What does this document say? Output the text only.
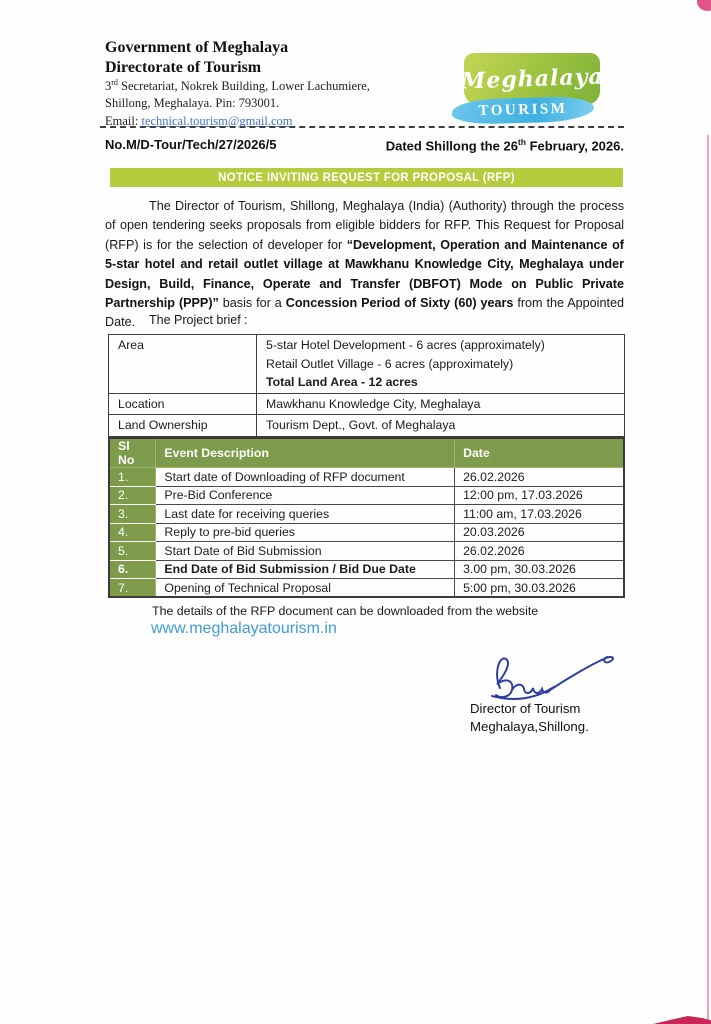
Government of Meghalaya
Directorate of Tourism
3rd Secretariat, Nokrek Building, Lower Lachumiere,
Shillong, Meghalaya. Pin: 793001.
Email: technical.tourism@gmail.com
Meghalaya
TOURISM
No.M/D-Tour/Tech/27/2026/5	Dated Shillong the 26th February, 2026.
NOTICE INVITING REQUEST FOR PROPOSAL (RFP)

The Director of Tourism, Shillong, Meghalaya (India) (Authority) through the process of open tendering seeks proposals from eligible bidders for RFP. This Request for Proposal (RFP) is for the selection of developer for “Development, Operation and Maintenance of 5-star hotel and retail outlet village at Mawkhanu Knowledge City, Meghalaya under Design, Build, Finance, Operate and Transfer (DBFOT) Mode on Public Private Partnership (PPP)” basis for a Concession Period of Sixty (60) years from the Appointed Date.	The Project brief :
Area	5-star Hotel Development - 6 acres (approximately)
Retail Outlet Village - 6 acres (approximately)
Total Land Area - 12 acres

Location	Mawkhanu Knowledge City, Meghalaya
Land Ownership	Tourism Dept., Govt. of Meghalaya
Sl No	Event Description	Date
1.	Start date of Downloading of RFP document	26.02.2026
2.	Pre-Bid Conference	12:00 pm, 17.03.2026
3.	Last date for receiving queries	11:00 am, 17.03.2026
4.	Reply to pre-bid queries	20.03.2026
5.	Start Date of Bid Submission	26.02.2026
6.	End Date of Bid Submission / Bid Due Date	3.00 pm, 30.03.2026
7.	Opening of Technical Proposal	5:00 pm, 30.03.2026
The details of the RFP document can be downloaded from the website
www.meghalayatourism.in
Director of Tourism
Meghalaya,Shillong.
